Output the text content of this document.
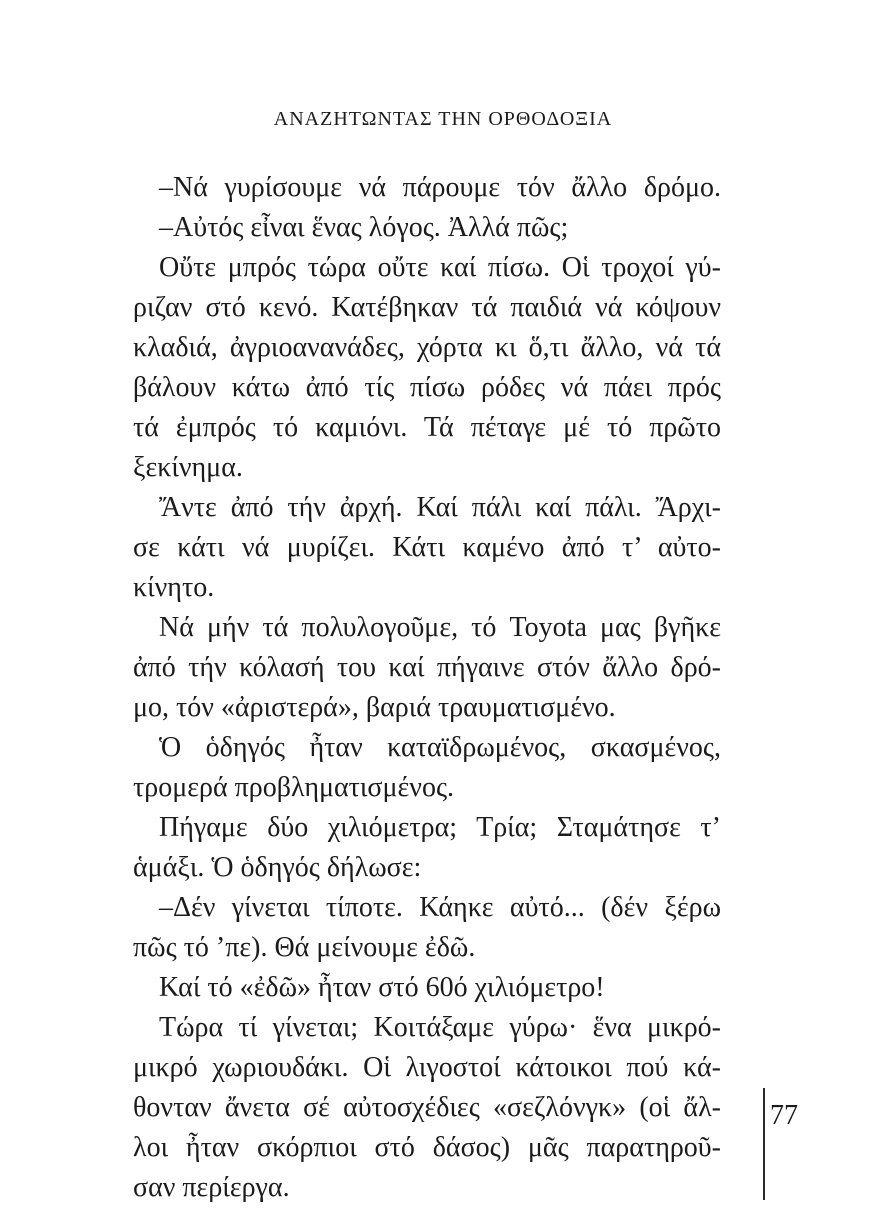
ΑΝΑΖΗΤΩΝΤΑΣ ΤΗΝ ΟΡΘΟΔΟΞΙΑ
–Νά γυρίσουμε νά πάρουμε τόν ἄλλο δρόμο.
–Αὐτός εἶναι ἕνας λόγος. Ἀλλά πῶς;
Οὔτε μπρός τώρα οὔτε καί πίσω. Οἱ τροχοί γύ-
ριζαν στό κενό. Κατέβηκαν τά παιδιά νά κόψουν
κλαδιά, ἀγριοανανάδες, χόρτα κι ὅ,τι ἄλλο, νά τά
βάλουν κάτω ἀπό τίς πίσω ρόδες νά πάει πρός
τά ἐμπρός τό καμιόνι. Τά πέταγε μέ τό πρῶτο
ξεκίνημα.
Ἄντε ἀπό τήν ἀρχή. Καί πάλι καί πάλι. Ἄρχι-
σε κάτι νά μυρίζει. Κάτι καμένο ἀπό τ’ αὐτο-
κίνητο.
Νά μήν τά πολυλογοῦμε, τό Toyota μας βγῆκε
ἀπό τήν κόλασή του καί πήγαινε στόν ἄλλο δρό-
μο, τόν «ἀριστερά», βαριά τραυματισμένο.
Ὁ ὁδηγός ἦταν καταϊδρωμένος, σκασμένος,
τρομερά προβληματισμένος.
Πήγαμε δύο χιλιόμετρα; Τρία; Σταμάτησε τ’
ἁμάξι. Ὁ ὁδηγός δήλωσε:
–Δέν γίνεται τίποτε. Κάηκε αὐτό... (δέν ξέρω
πῶς τό ’πε). Θά μείνουμε ἐδῶ.
Καί τό «ἐδῶ» ἦταν στό 60ό χιλιόμετρο!
Τώρα τί γίνεται; Κοιτάξαμε γύρω· ἕνα μικρό-
μικρό χωριουδάκι. Οἱ λιγοστοί κάτοικοι πού κά-
θονταν ἄνετα σέ αὐτοσχέδιες «σεζλόνγκ» (οἱ ἄλ-
λοι ἦταν σκόρπιοι στό δάσος) μᾶς παρατηροῦ-
σαν περίεργα.
77
